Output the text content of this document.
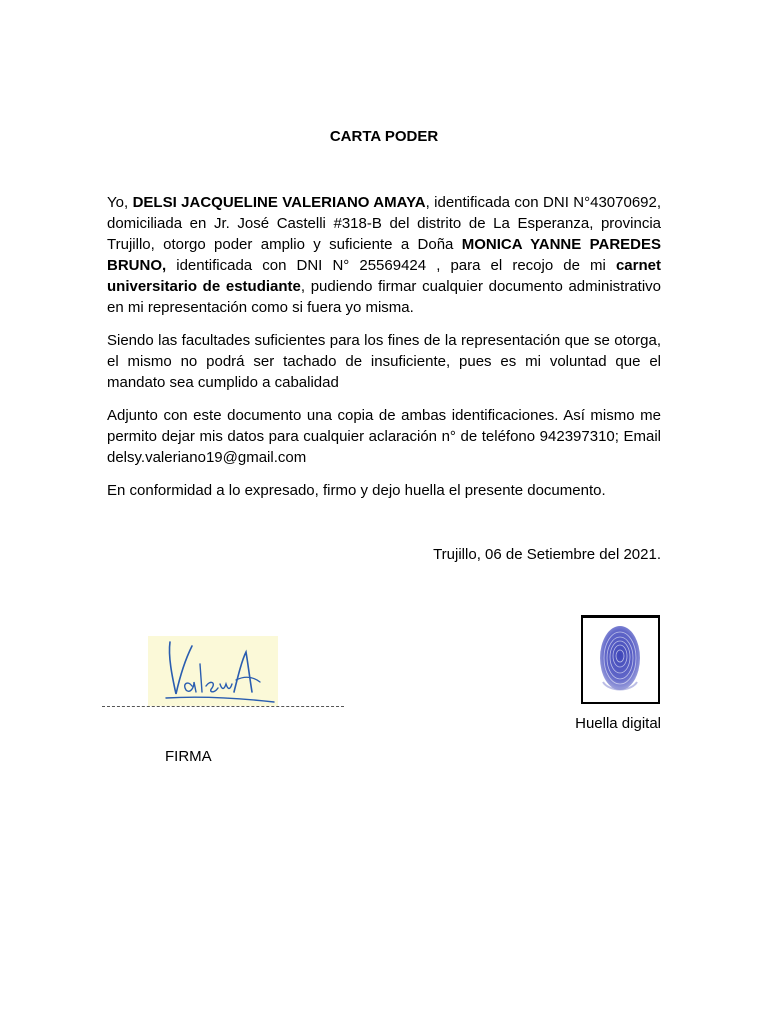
CARTA PODER

Yo, DELSI JACQUELINE VALERIANO AMAYA, identificada con DNI N°43070692, domiciliada en Jr. José Castelli #318-B del distrito de La Esperanza, provincia Trujillo, otorgo poder amplio y suficiente a Doña MONICA YANNE PAREDES BRUNO, identificada con DNI N° 25569424 , para el recojo de mi carnet universitario de estudiante, pudiendo firmar cualquier documento administrativo en mi representación como si fuera yo misma.

Siendo las facultades suficientes para los fines de la representación que se otorga, el mismo no podrá ser tachado de insuficiente, pues es mi voluntad que el mandato sea cumplido a cabalidad

Adjunto con este documento una copia de ambas identificaciones. Así mismo me permito dejar mis datos para cualquier aclaración n° de teléfono 942397310; Email delsy.valeriano19@gmail.com

En conformidad a lo expresado, firmo y dejo huella el presente documento.

Trujillo, 06 de Setiembre del 2021.

FIRMA

Huella digital
